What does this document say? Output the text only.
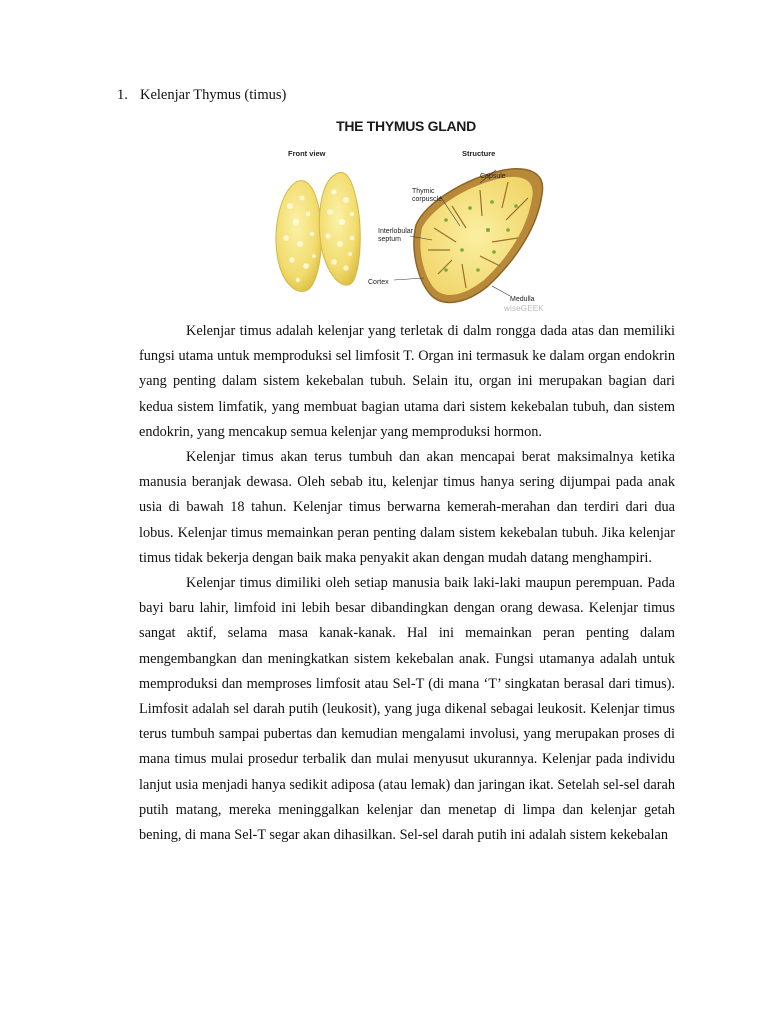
1. Kelenjar Thymus (timus)
THE THYMUS GLAND
Front view	Structure
Capsule
Thymic
corpuscle
Interlobular
septum
Cortex
Medulla
wiseGEEK

Kelenjar timus adalah kelenjar yang terletak di dalm rongga dada atas dan memiliki fungsi utama untuk memproduksi sel limfosit T. Organ ini termasuk ke dalam organ endokrin yang penting dalam sistem kekebalan tubuh. Selain itu, organ ini merupakan bagian dari kedua sistem limfatik, yang membuat bagian utama dari sistem kekebalan tubuh, dan sistem endokrin, yang mencakup semua kelenjar yang memproduksi hormon.

Kelenjar timus akan terus tumbuh dan akan mencapai berat maksimalnya ketika manusia beranjak dewasa. Oleh sebab itu, kelenjar timus hanya sering dijumpai pada anak usia di bawah 18 tahun. Kelenjar timus berwarna kemerah-merahan dan terdiri dari dua lobus. Kelenjar timus memainkan peran penting dalam sistem kekebalan tubuh. Jika kelenjar timus tidak bekerja dengan baik maka penyakit akan dengan mudah datang menghampiri.

Kelenjar timus dimiliki oleh setiap manusia baik laki-laki maupun perempuan. Pada bayi baru lahir, limfoid ini lebih besar dibandingkan dengan orang dewasa. Kelenjar timus sangat aktif, selama masa kanak-kanak. Hal ini memainkan peran penting dalam mengembangkan dan meningkatkan sistem kekebalan anak. Fungsi utamanya adalah untuk memproduksi dan memproses limfosit atau Sel-T (di mana ‘T’ singkatan berasal dari timus). Limfosit adalah sel darah putih (leukosit), yang juga dikenal sebagai leukosit. Kelenjar timus terus tumbuh sampai pubertas dan kemudian mengalami involusi, yang merupakan proses di mana timus mulai prosedur terbalik dan mulai menyusut ukurannya. Kelenjar pada individu lanjut usia menjadi hanya sedikit adiposa (atau lemak) dan jaringan ikat. Setelah sel-sel darah putih matang, mereka meninggalkan kelenjar dan menetap di limpa dan kelenjar getah bening, di mana Sel-T segar akan dihasilkan. Sel-sel darah putih ini adalah sistem kekebalan
